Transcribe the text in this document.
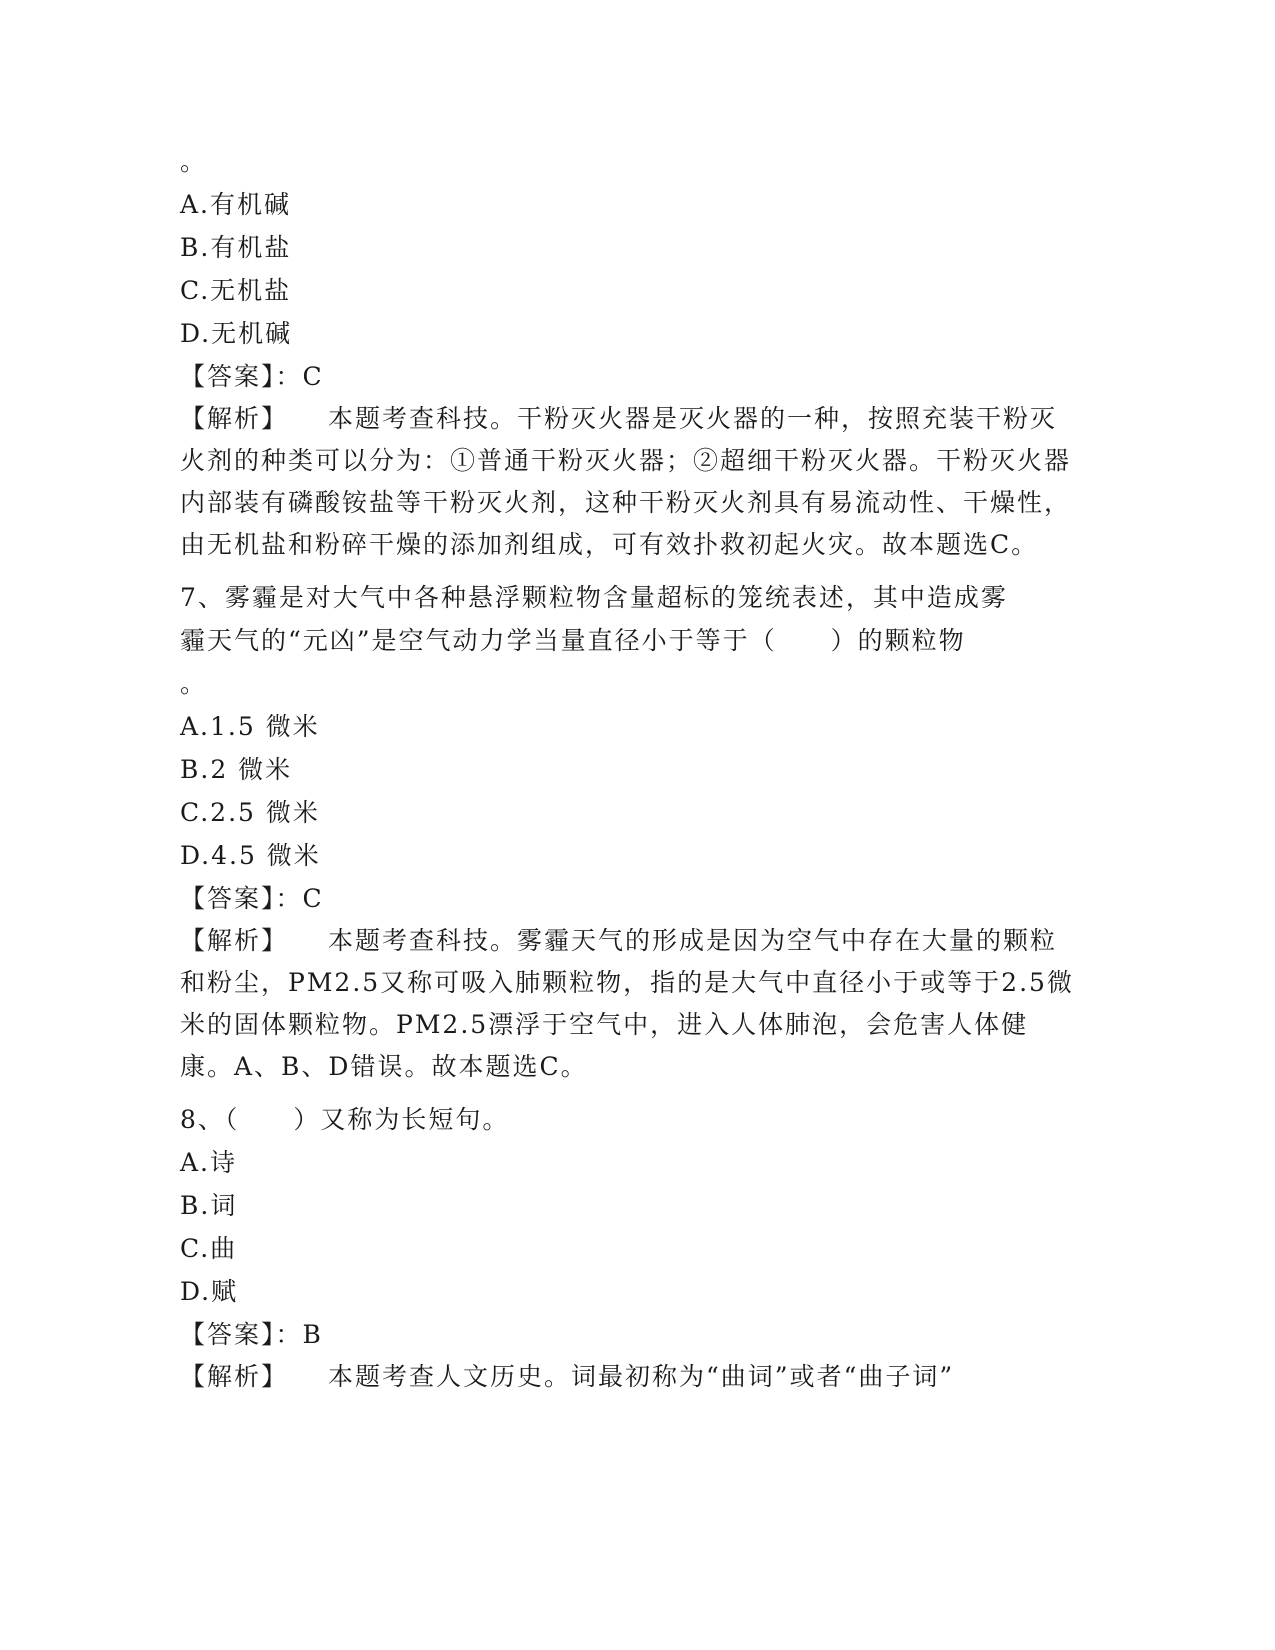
。
A.有机碱
B.有机盐
C.无机盐
D.无机碱
【答案】：C
【解析】 本题考查科技。干粉灭火器是灭火器的一种，按照充装干粉灭火剂的种类可以分为：①普通干粉灭火器；②超细干粉灭火器。干粉灭火器内部装有磷酸铵盐等干粉灭火剂，这种干粉灭火剂具有易流动性、干燥性，由无机盐和粉碎干燥的添加剂组成，可有效扑救初起火灾。故本题选C。
7、雾霾是对大气中各种悬浮颗粒物含量超标的笼统表述，其中造成雾
霾天气的“元凶”是空气动力学当量直径小于等于（　　）的颗粒物
。
A.1.5 微米
B.2 微米
C.2.5 微米
D.4.5 微米
【答案】：C
【解析】 本题考查科技。雾霾天气的形成是因为空气中存在大量的颗粒和粉尘，PM2.5又称可吸入肺颗粒物，指的是大气中直径小于或等于2.5微米的固体颗粒物。PM2.5漂浮于空气中，进入人体肺泡，会危害人体健康。A、B、D错误。故本题选C。
8、（　　）又称为长短句。
A.诗
B.词
C.曲
D.赋
【答案】：B
【解析】 本题考查人文历史。词最初称为“曲词”或者“曲子词”
